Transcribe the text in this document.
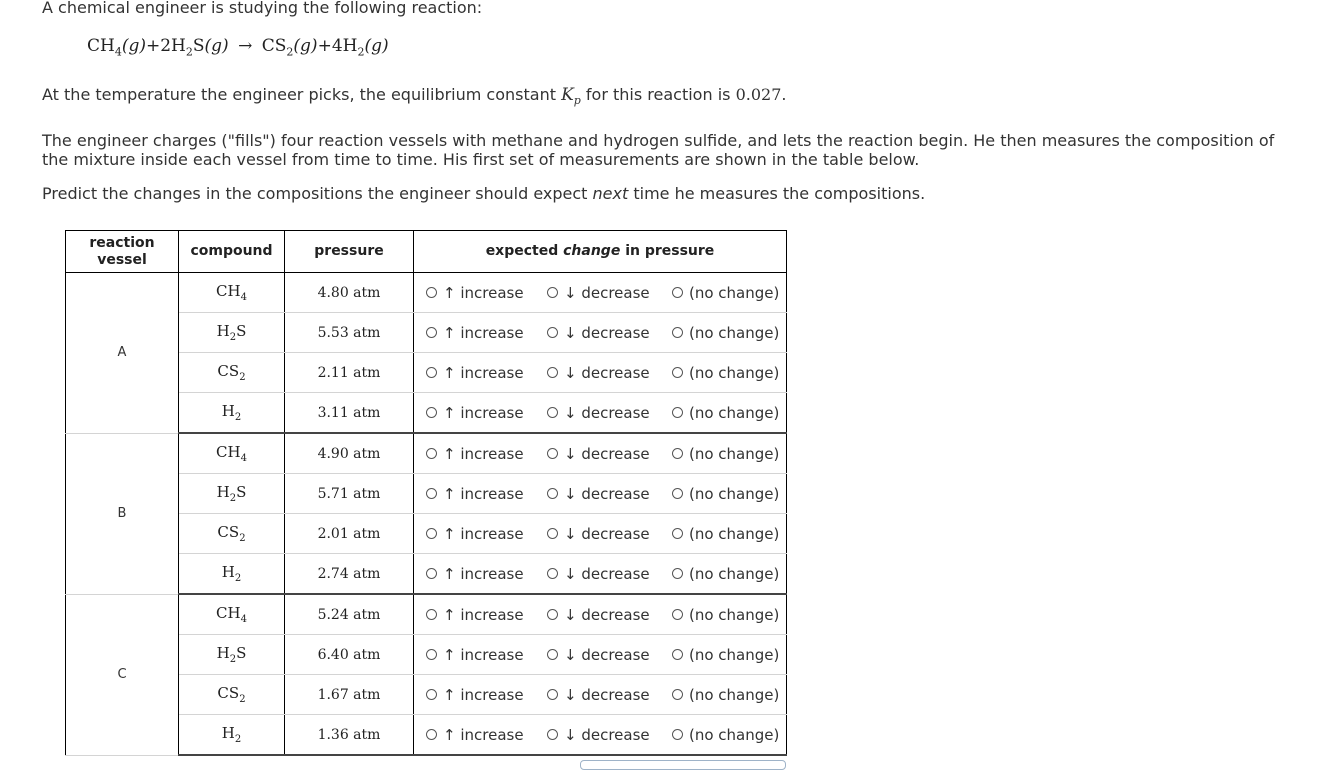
A chemical engineer is studying the following reaction:

$CH_4(g)+2H_2S(g) \to CS_2(g)+4H_2(g)$

At the temperature the engineer picks, the equilibrium constant $K_p$ for this reaction is 0.027.

The engineer charges ("fills") four reaction vessels with methane and hydrogen sulfide, and lets the reaction begin. He then measures the composition of the mixture inside each vessel from time to time. His first set of measurements are shown in the table below.

Predict the changes in the compositions the engineer should expect next time he measures the compositions.

reaction vessel	compound	pressure	expected change in pressure
A	$CH_4$	4.80 atm	↑ increase ↓ decrease (no change)

	$H_2S$	5.53 atm	↑ increase ↓ decrease (no change)

	$CS_2$	2.11 atm	↑ increase ↓ decrease (no change)

	$H_2$	3.11 atm	↑ increase ↓ decrease (no change)

B	$CH_4$	4.90 atm	↑ increase ↓ decrease (no change)

	$H_2S$	5.71 atm	↑ increase ↓ decrease (no change)

	$CS_2$	2.01 atm	↑ increase ↓ decrease (no change)

	$H_2$	2.74 atm	↑ increase ↓ decrease (no change)

C	$CH_4$	5.24 atm	↑ increase ↓ decrease (no change)

	$H_2S$	6.40 atm	↑ increase ↓ decrease (no change)

	$CS_2$	1.67 atm	↑ increase ↓ decrease (no change)

	$H_2$	1.36 atm	↑ increase ↓ decrease (no change)
